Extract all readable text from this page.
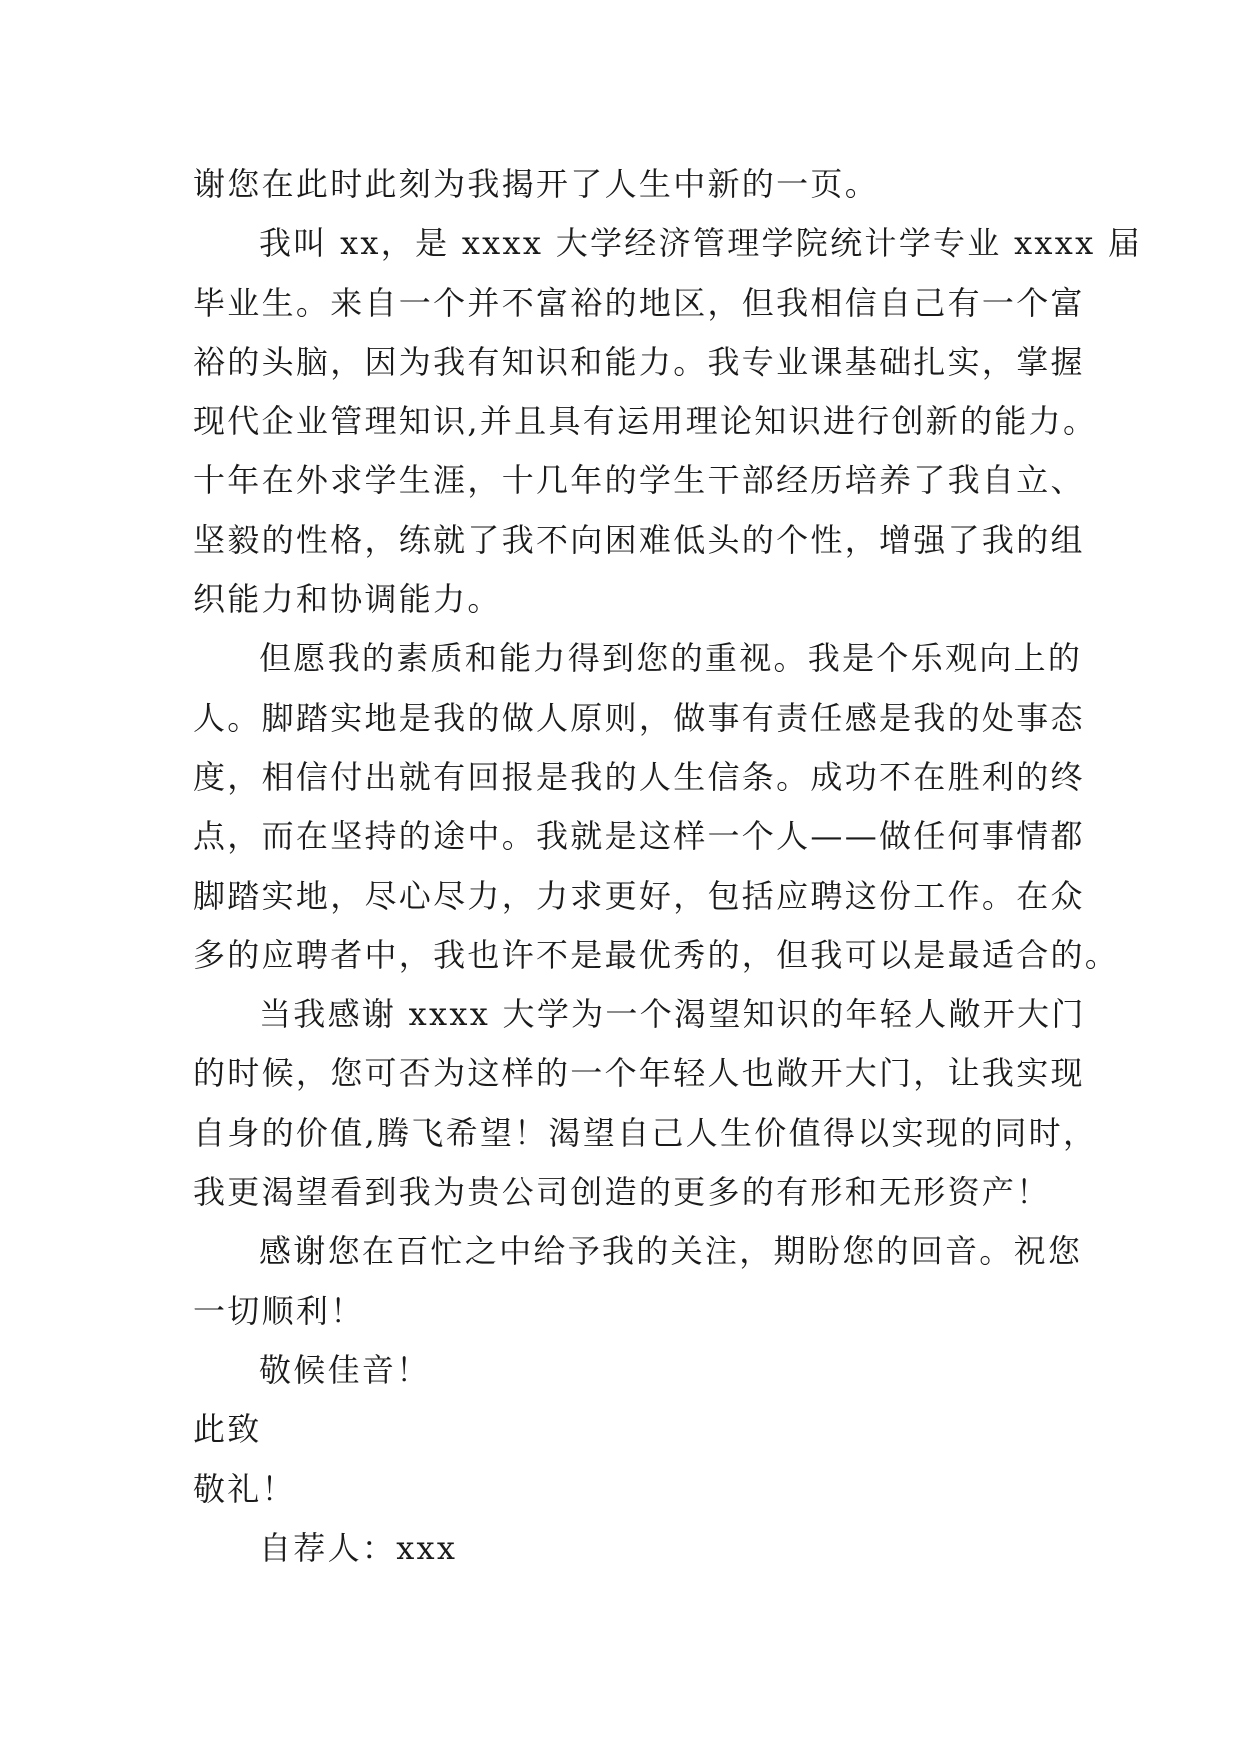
谢您在此时此刻为我揭开了人生中新的一页。
我叫 xx，是 xxxx 大学经济管理学院统计学专业 xxxx 届
毕业生。来自一个并不富裕的地区，但我相信自己有一个富
裕的头脑，因为我有知识和能力。我专业课基础扎实，掌握
现代企业管理知识,并且具有运用理论知识进行创新的能力。
十年在外求学生涯，十几年的学生干部经历培养了我自立、
坚毅的性格，练就了我不向困难低头的个性，增强了我的组
织能力和协调能力。
但愿我的素质和能力得到您的重视。我是个乐观向上的
人。脚踏实地是我的做人原则，做事有责任感是我的处事态
度，相信付出就有回报是我的人生信条。成功不在胜利的终
点，而在坚持的途中。我就是这样一个人——做任何事情都
脚踏实地，尽心尽力，力求更好，包括应聘这份工作。在众
多的应聘者中，我也许不是最优秀的，但我可以是最适合的。
当我感谢 xxxx 大学为一个渴望知识的年轻人敞开大门
的时候，您可否为这样的一个年轻人也敞开大门，让我实现
自身的价值,腾飞希望！渴望自己人生价值得以实现的同时，
我更渴望看到我为贵公司创造的更多的有形和无形资产！
感谢您在百忙之中给予我的关注，期盼您的回音。祝您
一切顺利！
敬候佳音！
此致
敬礼！
自荐人：xxx
